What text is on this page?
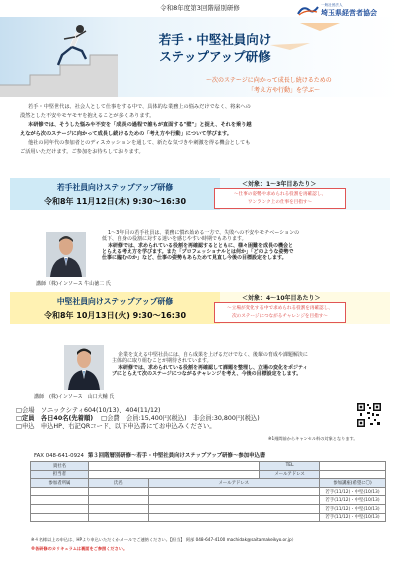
令和8年度第3回階層別研修	一般社団法人
埼玉県経営者協会
若手・中堅社員向け
ステップアップ研修
～次のステージに向かって成長し続けるための
「考え方や行動」を学ぶ～
若手・中堅世代は、社会人として仕事をする中で、具体的な業務上の悩みだけでなく、将来への
漠然とした不安やモヤモヤを抱えることが多くあります。
本研修では、そうした悩みや不安を「成長の過程で誰もが直面する"壁"」と捉え、それを乗り越
えながら次のステージに向かって成長し続けるための「考え方や行動」について学びます。
他社の同年代の参加者とのディスカッションを通して、新たな気づきや刺激を得る機会としても
ご活用いただけます。ご参加をお待ちしております。
若手社員向けステップアップ研修
令和8年 11月12日(木) 9:30～16:30
＜対象：1～3年目あたり＞
～仕事の姿勢や求められる役割を再確認し、
ワンランク上の仕事を目指す～
講師（株)インソース 牛山徳二 氏
1～3年目の若手社員は、業務に慣れ始める一方で、失敗への不安やモチベーションの
低下、自身の役割に対する迷いを感じやすい時期でもあります。
本研修では、求められている役割を再確認するとともに、様々困難を成長の機会と
とらえる考え方を学びます。また「プロフェッショナルとは何か」「どのような姿勢で
仕事に臨むのか」など、仕事の姿勢もあらためて見直し今後の目標設定をします。
中堅社員向けステップアップ研修
令和8年 10月13日(火) 9:30～16:30
＜対象：4～10年目あたり＞
～立場が変化する中で求められる役割を再確認し、
次のステージにつながるチャレンジを目指す～
講師　(株)インソース　山口大輔 氏
企業を支える中堅社員には、自ら成果を上げるだけでなく、後輩の育成や課題解決に
主体的に取り組むことが期待されています。
本研修では、求められている役割を再確認して課題を整理し、立場の変化をポジティ
ブにとらえて次のステージにつながるチャレンジを考え、今後の目標設定をします。
□会場　ソニックシティ604(10/13)、404(11/12)
□定員　各日40名(先着順) □会費　会員:15,400円(税込)　非会員:30,800円(税込)
□申込　申込HP、右記QRコード、以下申込書にてお申込みください。
※1週間前からキャンセル料の対象となります。
FAX 048-641-0924 第３回階層別研修～若手・中堅社員向けステップアップ研修～参加申込書
貴社名			TEL	
担当者			メールアドレス	
参加者所属	氏名	メールアドレス		参加講座(希望に〇)
				若手(11/12)・中堅(10/13)
				若手(11/12)・中堅(10/13)
				若手(11/12)・中堅(10/13)
				若手(11/12)・中堅(10/13)
※４名様以上の申込は、HPより申込いただくかメールでご連絡ください。【担当】 阿部 048-647-4100 machidak@saitamakeikyo.or.jp）
※各研修のカリキュラムは裏面をご参照ください。
